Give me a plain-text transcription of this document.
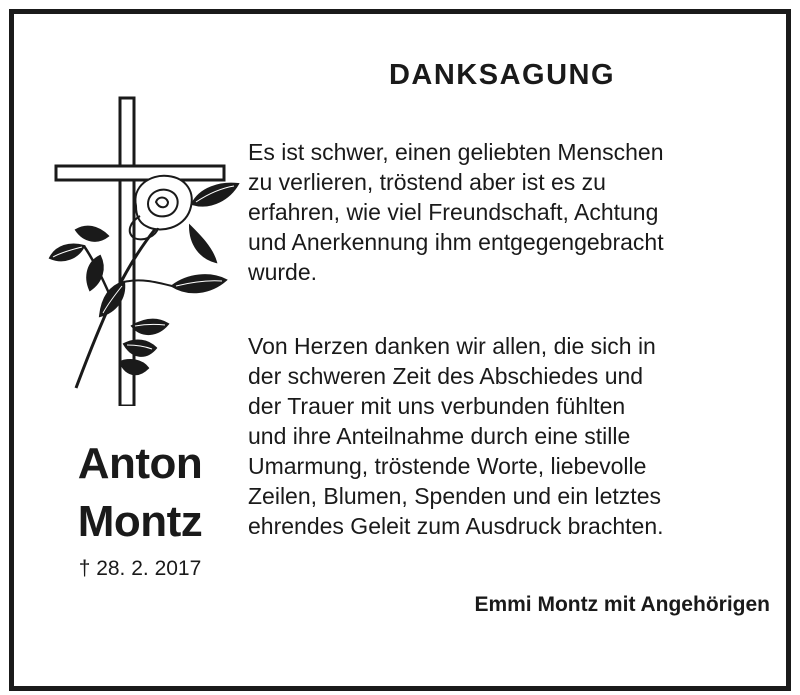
Anton
Montz
† 28. 2. 2017
DANKSAGUNG
Es ist schwer, einen geliebten Menschen
zu verlieren, tröstend aber ist es zu
erfahren, wie viel Freundschaft, Achtung
und Anerkennung ihm entgegengebracht
wurde.
Von Herzen danken wir allen, die sich in
der schweren Zeit des Abschiedes und
der Trauer mit uns verbunden fühlten
und ihre Anteilnahme durch eine stille
Umarmung, tröstende Worte, liebevolle
Zeilen, Blumen, Spenden und ein letztes
ehrendes Geleit zum Ausdruck brachten.
Emmi Montz mit Angehörigen
